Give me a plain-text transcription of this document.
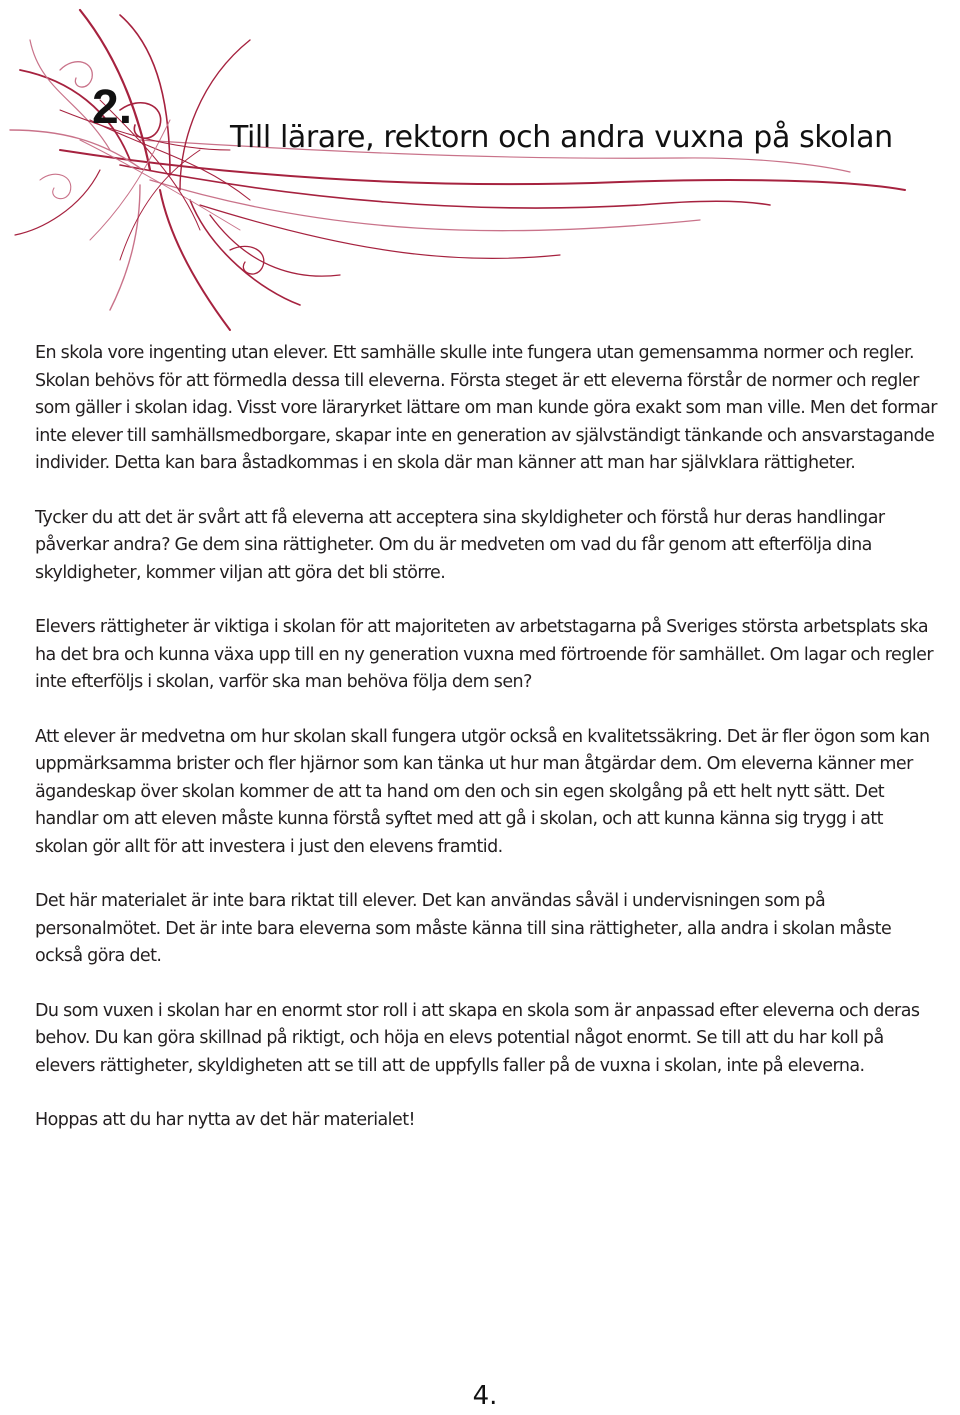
2.
Till lärare, rektorn och andra vuxna på skolan

En skola vore ingenting utan elever. Ett samhälle skulle inte fungera utan gemensamma normer och regler. Skolan behövs för att förmedla dessa till eleverna. Första steget är ett eleverna förstår de normer och regler som gäller i skolan idag. Visst vore läraryrket lättare om man kunde göra exakt som man ville. Men det formar inte elever till samhällsmedborgare, skapar inte en generation av självständigt tänkande och ansvarstagande individer. Detta kan bara åstadkommas i en skola där man känner att man har självklara rättigheter.

Tycker du att det är svårt att få eleverna att acceptera sina skyldigheter och förstå hur deras handlingar påverkar andra? Ge dem sina rättigheter. Om du är medveten om vad du får genom att efterfölja dina skyldigheter, kommer viljan att göra det bli större.

Elevers rättigheter är viktiga i skolan för att majoriteten av arbetstagarna på Sveriges största arbetsplats ska ha det bra och kunna växa upp till en ny generation vuxna med förtroende för samhället. Om lagar och regler inte efterföljs i skolan, varför ska man behöva följa dem sen?

Att elever är medvetna om hur skolan skall fungera utgör också en kvalitetssäkring. Det är fler ögon som kan uppmärksamma brister och fler hjärnor som kan tänka ut hur man åtgärdar dem. Om eleverna känner mer ägandeskap över skolan kommer de att ta hand om den och sin egen skolgång på ett helt nytt sätt. Det handlar om att eleven måste kunna förstå syftet med att gå i skolan, och att kunna känna sig trygg i att skolan gör allt för att investera i just den elevens framtid.

Det här materialet är inte bara riktat till elever. Det kan användas såväl i undervisningen som på personalmötet. Det är inte bara eleverna som måste känna till sina rättigheter, alla andra i skolan måste också göra det.

Du som vuxen i skolan har en enormt stor roll i att skapa en skola som är anpassad efter eleverna och deras behov. Du kan göra skillnad på riktigt, och höja en elevs potential något enormt. Se till att du har koll på elevers rättigheter, skyldigheten att se till att de uppfylls faller på de vuxna i skolan, inte på eleverna.

Hoppas att du har nytta av det här materialet!

4.
